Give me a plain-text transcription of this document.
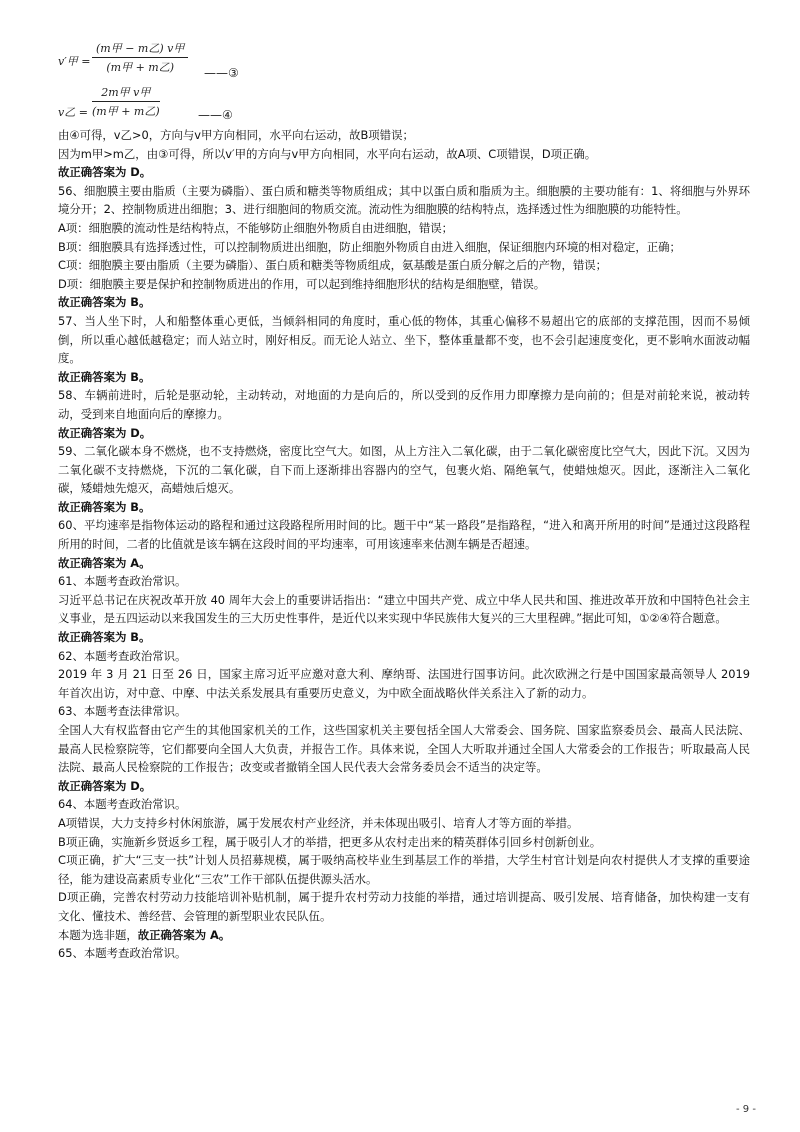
v′甲 =
(m甲 − m乙) v甲
(m甲 + m乙)	——③
v乙 =
2m甲 v甲
(m甲 + m乙)	——④

由④可得，v乙>0，方向与v甲方向相同，水平向右运动，故B项错误；

因为m甲>m乙，由③可得，所以v′甲的方向与v甲方向相同，水平向右运动，故A项、C项错误，D项正确。

故正确答案为 D。

56、细胞膜主要由脂质（主要为磷脂）、蛋白质和糖类等物质组成；其中以蛋白质和脂质为主。细胞膜的主要功能有：1、将细胞与外界环境分开；2、控制物质进出细胞；3、进行细胞间的物质交流。流动性为细胞膜的结构特点，选择透过性为细胞膜的功能特性。

A项：细胞膜的流动性是结构特点，不能够防止细胞外物质自由进细胞，错误；

B项：细胞膜具有选择透过性，可以控制物质进出细胞，防止细胞外物质自由进入细胞，保证细胞内环境的相对稳定，正确；

C项：细胞膜主要由脂质（主要为磷脂）、蛋白质和糖类等物质组成，氨基酸是蛋白质分解之后的产物，错误；

D项：细胞膜主要是保护和控制物质进出的作用，可以起到维持细胞形状的结构是细胞壁，错误。

故正确答案为 B。

57、当人坐下时，人和船整体重心更低，当倾斜相同的角度时，重心低的物体，其重心偏移不易超出它的底部的支撑范围，因而不易倾倒，所以重心越低越稳定；而人站立时，刚好相反。而无论人站立、坐下，整体重量都不变，也不会引起速度变化，更不影响水面波动幅度。

故正确答案为 B。

58、车辆前进时，后轮是驱动轮，主动转动，对地面的力是向后的，所以受到的反作用力即摩擦力是向前的；但是对前轮来说，被动转动，受到来自地面向后的摩擦力。

故正确答案为 D。

59、二氧化碳本身不燃烧，也不支持燃烧，密度比空气大。如图，从上方注入二氧化碳，由于二氧化碳密度比空气大，因此下沉。又因为二氧化碳不支持燃烧，下沉的二氧化碳，自下而上逐渐排出容器内的空气，包裹火焰、隔绝氧气，使蜡烛熄灭。因此，逐渐注入二氧化碳，矮蜡烛先熄灭，高蜡烛后熄灭。

故正确答案为 B。

60、平均速率是指物体运动的路程和通过这段路程所用时间的比。题干中“某一路段”是指路程，“进入和离开所用的时间”是通过这段路程所用的时间，二者的比值就是该车辆在这段时间的平均速率，可用该速率来估测车辆是否超速。

故正确答案为 A。

61、本题考查政治常识。

习近平总书记在庆祝改革开放 40 周年大会上的重要讲话指出：“建立中国共产党、成立中华人民共和国、推进改革开放和中国特色社会主义事业，是五四运动以来我国发生的三大历史性事件，是近代以来实现中华民族伟大复兴的三大里程碑。”据此可知，①②④符合题意。

故正确答案为 B。

62、本题考查政治常识。

2019 年 3 月 21 日至 26 日，国家主席习近平应邀对意大利、摩纳哥、法国进行国事访问。此次欧洲之行是中国国家最高领导人 2019 年首次出访，对中意、中摩、中法关系发展具有重要历史意义，为中欧全面战略伙伴关系注入了新的动力。

63、本题考查法律常识。

全国人大有权监督由它产生的其他国家机关的工作，这些国家机关主要包括全国人大常委会、国务院、国家监察委员会、最高人民法院、最高人民检察院等，它们都要向全国人大负责，并报告工作。具体来说，全国人大听取并通过全国人大常委会的工作报告；听取最高人民法院、最高人民检察院的工作报告；改变或者撤销全国人民代表大会常务委员会不适当的决定等。

故正确答案为 D。

64、本题考查政治常识。

A项错误，大力支持乡村休闲旅游，属于发展农村产业经济，并未体现出吸引、培育人才等方面的举措。

B项正确，实施新乡贤返乡工程，属于吸引人才的举措，把更多从农村走出来的精英群体引回乡村创新创业。

C项正确，扩大“三支一扶”计划人员招募规模，属于吸纳高校毕业生到基层工作的举措，大学生村官计划是向农村提供人才支撑的重要途径，能为建设高素质专业化“三农”工作干部队伍提供源头活水。

D项正确，完善农村劳动力技能培训补贴机制，属于提升农村劳动力技能的举措，通过培训提高、吸引发展、培育储备，加快构建一支有文化、懂技术、善经营、会管理的新型职业农民队伍。

本题为选非题，故正确答案为 A。

65、本题考查政治常识。

- 9 -
